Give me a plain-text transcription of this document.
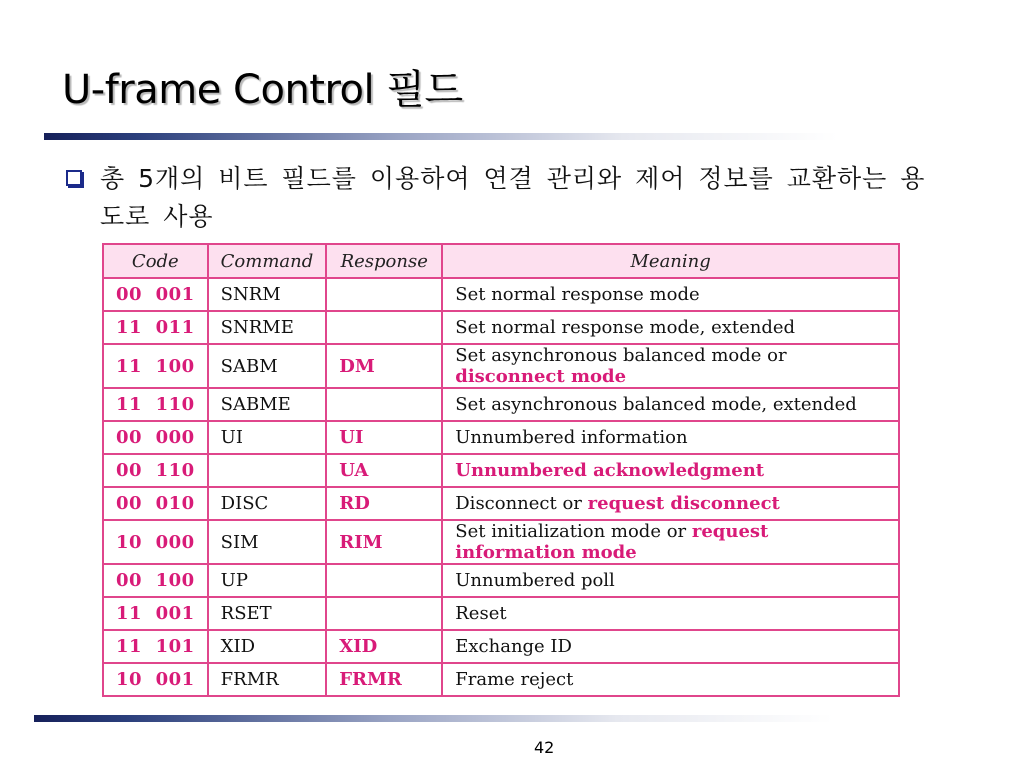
U-frame Control 필드
총 5개의 비트 필드를 이용하여 연결 관리와 제어 정보를 교환하는 용도로 사용
Code	Command	Response	Meaning
00  001	SNRM		Set normal response mode
11  011	SNRME		Set normal response mode, extended
11  100	SABM	DM	Set asynchronous balanced mode or disconnect mode
11  110	SABME		Set asynchronous balanced mode, extended
00  000	UI	UI	Unnumbered information
00  110		UA	Unnumbered acknowledgment
00  010	DISC	RD	Disconnect or request disconnect
10  000	SIM	RIM	Set initialization mode or request information mode
00  100	UP		Unnumbered poll
11  001	RSET		Reset
11  101	XID	XID	Exchange ID
10  001	FRMR	FRMR	Frame reject
42
